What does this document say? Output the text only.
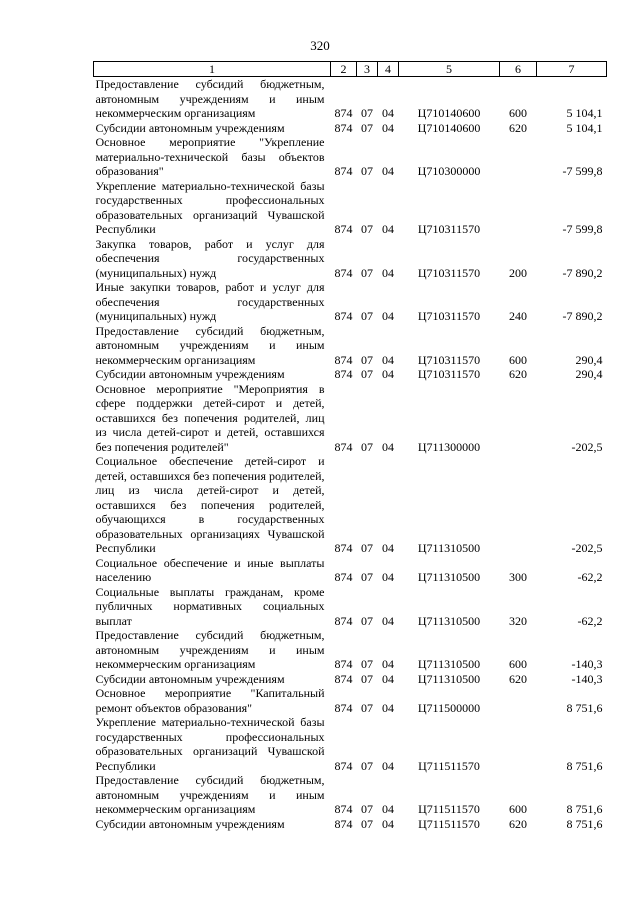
320
1	2	3	4	5	6	7
Предоставление субсидий бюджетным, автономным учреждениям и иным некоммерческим организациям	874	07	04	Ц710140600	600	5 104,1
Субсидии автономным учреждениям	874	07	04	Ц710140600	620	5 104,1
Основное мероприятие "Укрепление материально-технической базы объектов образования"	874	07	04	Ц710300000		-7 599,8
Укрепление материально-технической базы государственных профессиональных образовательных организаций Чувашской Республики	874	07	04	Ц710311570		-7 599,8
Закупка товаров, работ и услуг для обеспечения государственных (муниципальных) нужд	874	07	04	Ц710311570	200	-7 890,2
Иные закупки товаров, работ и услуг для обеспечения государственных (муниципальных) нужд	874	07	04	Ц710311570	240	-7 890,2
Предоставление субсидий бюджетным, автономным учреждениям и иным некоммерческим организациям	874	07	04	Ц710311570	600	290,4
Субсидии автономным учреждениям	874	07	04	Ц710311570	620	290,4
Основное мероприятие "Мероприятия в сфере поддержки детей-сирот и детей, оставшихся без попечения родителей, лиц из числа детей-сирот и детей, оставшихся без попечения родителей"	874	07	04	Ц711300000		-202,5
Социальное обеспечение детей-сирот и детей, оставшихся без попечения родителей, лиц из числа детей-сирот и детей, оставшихся без попечения родителей, обучающихся в государственных образовательных организациях Чувашской Республики	874	07	04	Ц711310500		-202,5
Социальное обеспечение и иные выплаты населению	874	07	04	Ц711310500	300	-62,2
Социальные выплаты гражданам, кроме публичных нормативных социальных выплат	874	07	04	Ц711310500	320	-62,2
Предоставление субсидий бюджетным, автономным учреждениям и иным некоммерческим организациям	874	07	04	Ц711310500	600	-140,3
Субсидии автономным учреждениям	874	07	04	Ц711310500	620	-140,3
Основное мероприятие "Капитальный ремонт объектов образования"	874	07	04	Ц711500000		8 751,6
Укрепление материально-технической базы государственных профессиональных образовательных организаций Чувашской Республики	874	07	04	Ц711511570		8 751,6
Предоставление субсидий бюджетным, автономным учреждениям и иным некоммерческим организациям	874	07	04	Ц711511570	600	8 751,6
Субсидии автономным учреждениям	874	07	04	Ц711511570	620	8 751,6
